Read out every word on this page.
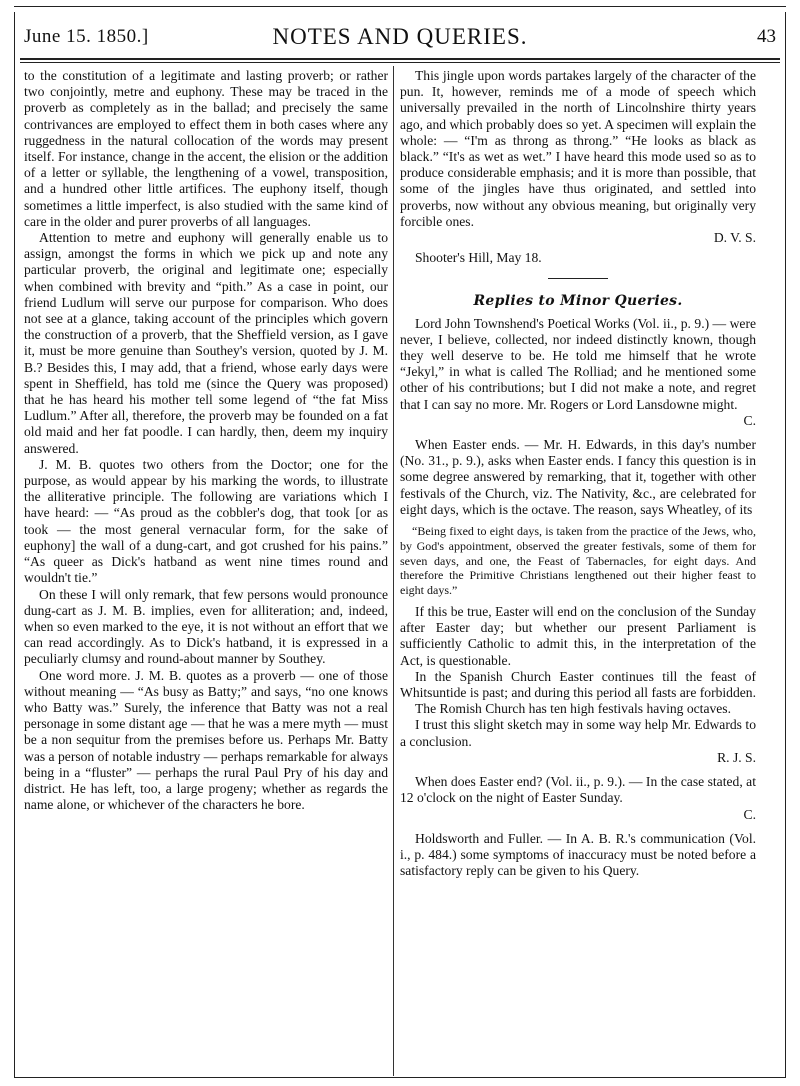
June 15. 1850.]	NOTES AND QUERIES.	43

to the constitution of a legitimate and lasting proverb; or rather two conjointly, metre and euphony. These may be traced in the proverb as completely as in the ballad; and precisely the same contrivances are employed to effect them in both cases where any ruggedness in the natural collocation of the words may present itself. For instance, change in the accent, the elision or the addition of a letter or syllable, the lengthening of a vowel, transposition, and a hundred other little artifices. The euphony itself, though sometimes a little imperfect, is also studied with the same kind of care in the older and purer proverbs of all languages.

Attention to metre and euphony will generally enable us to assign, amongst the forms in which we pick up and note any particular proverb, the original and legitimate one; especially when combined with brevity and “pith.” As a case in point, our friend Ludlum will serve our purpose for comparison. Who does not see at a glance, taking account of the principles which govern the construction of a proverb, that the Sheffield version, as I gave it, must be more genuine than Southey's version, quoted by J. M. B.? Besides this, I may add, that a friend, whose early days were spent in Sheffield, has told me (since the Query was proposed) that he has heard his mother tell some legend of “the fat Miss Ludlum.” After all, therefore, the proverb may be founded on a fat old maid and her fat poodle. I can hardly, then, deem my inquiry answered.

J. M. B. quotes two others from the Doctor; one for the purpose, as would appear by his marking the words, to illustrate the alliterative principle. The following are variations which I have heard: — “As proud as the cobbler's dog, that took [or as took — the most general vernacular form, for the sake of euphony] the wall of a dung-cart, and got crushed for his pains.” “As queer as Dick's hatband as went nine times round and wouldn't tie.”

On these I will only remark, that few persons would pronounce dung-cart as J. M. B. implies, even for alliteration; and, indeed, when so even marked to the eye, it is not without an effort that we can read accordingly. As to Dick's hatband, it is expressed in a peculiarly clumsy and round-about manner by Southey.

One word more. J. M. B. quotes as a proverb — one of those without meaning — “As busy as Batty;” and says, “no one knows who Batty was.” Surely, the inference that Batty was not a real personage in some distant age — that he was a mere myth — must be a non sequitur from the premises before us. Perhaps Mr. Batty was a person of notable industry — perhaps remarkable for always being in a “fluster” — perhaps the rural Paul Pry of his day and district. He has left, too, a large progeny; whether as regards the name alone, or whichever of the characters he bore.

This jingle upon words partakes largely of the character of the pun. It, however, reminds me of a mode of speech which universally prevailed in the north of Lincolnshire thirty years ago, and which probably does so yet. A specimen will explain the whole: — “I'm as throng as throng.” “He looks as black as black.” “It's as wet as wet.” I have heard this mode used so as to produce considerable emphasis; and it is more than possible, that some of the jingles have thus originated, and settled into proverbs, now without any obvious meaning, but originally very forcible ones.

D. V. S.

Shooter's Hill, May 18.

Replies to Minor Queries.

Lord John Townshend's Poetical Works (Vol. ii., p. 9.) — were never, I believe, collected, nor indeed distinctly known, though they well deserve to be. He told me himself that he wrote “Jekyl,” in what is called The Rolliad; and he mentioned some other of his contributions; but I did not make a note, and regret that I can say no more. Mr. Rogers or Lord Lansdowne might.

C.

When Easter ends. — Mr. H. Edwards, in this day's number (No. 31., p. 9.), asks when Easter ends. I fancy this question is in some degree answered by remarking, that it, together with other festivals of the Church, viz. The Nativity, &c., are celebrated for eight days, which is the octave. The reason, says Wheatley, of its

“Being fixed to eight days, is taken from the practice of the Jews, who, by God's appointment, observed the greater festivals, some of them for seven days, and one, the Feast of Tabernacles, for eight days. And therefore the Primitive Christians lengthened out their higher feast to eight days.”

If this be true, Easter will end on the conclusion of the Sunday after Easter day; but whether our present Parliament is sufficiently Catholic to admit this, in the interpretation of the Act, is questionable.

In the Spanish Church Easter continues till the feast of Whitsuntide is past; and during this period all fasts are forbidden.

The Romish Church has ten high festivals having octaves.

I trust this slight sketch may in some way help Mr. Edwards to a conclusion.

R. J. S.

When does Easter end? (Vol. ii., p. 9.). — In the case stated, at 12 o'clock on the night of Easter Sunday.

C.

Holdsworth and Fuller. — In A. B. R.'s communication (Vol. i., p. 484.) some symptoms of inaccuracy must be noted before a satisfactory reply can be given to his Query.
